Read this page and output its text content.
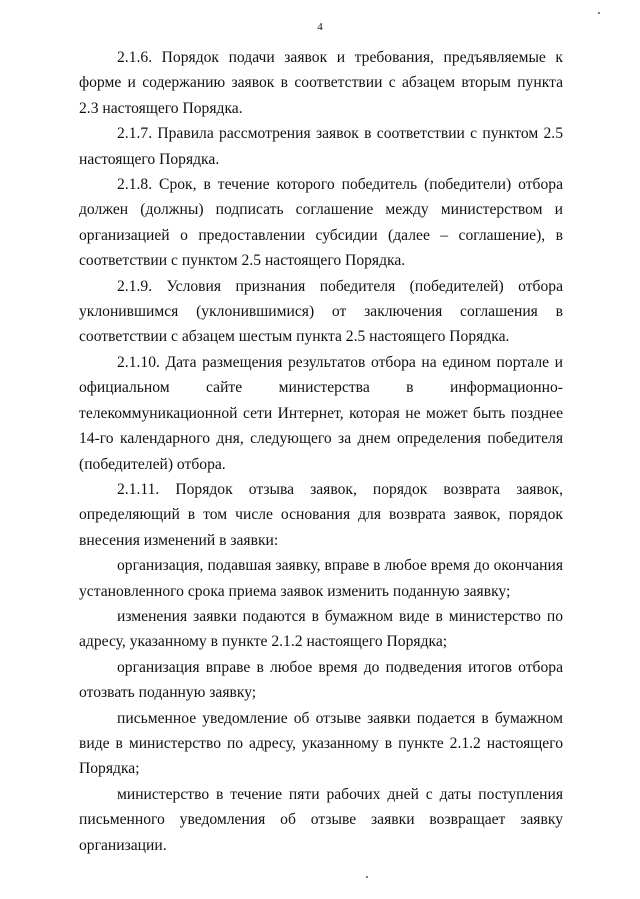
4

2.1.6. Порядок подачи заявок и требования, предъявляемые к форме и содержанию заявок в соответствии с абзацем вторым пункта 2.3 настоящего Порядка.

2.1.7. Правила рассмотрения заявок в соответствии с пунктом 2.5 настоящего Порядка.

2.1.8. Срок, в течение которого победитель (победители) отбора должен (должны) подписать соглашение между министерством и организацией о предоставлении субсидии (далее – соглашение), в соответствии с пунктом 2.5 настоящего Порядка.

2.1.9. Условия признания победителя (победителей) отбора уклонившимся (уклонившимися) от заключения соглашения в соответствии с абзацем шестым пункта 2.5 настоящего Порядка.

2.1.10. Дата размещения результатов отбора на едином портале и официальном сайте министерства в информационно-телекоммуникационной сети Интернет, которая не может быть позднее 14-го календарного дня, следующего за днем определения победителя (победителей) отбора.

2.1.11. Порядок отзыва заявок, порядок возврата заявок, определяющий в том числе основания для возврата заявок, порядок внесения изменений в заявки:

организация, подавшая заявку, вправе в любое время до окончания установленного срока приема заявок изменить поданную заявку;

изменения заявки подаются в бумажном виде в министерство по адресу, указанному в пункте 2.1.2 настоящего Порядка;

организация вправе в любое время до подведения итогов отбора отозвать поданную заявку;

письменное уведомление об отзыве заявки подается в бумажном виде в министерство по адресу, указанному в пункте 2.1.2 настоящего Порядка;

министерство в течение пяти рабочих дней с даты поступления письменного уведомления об отзыве заявки возвращает заявку организации.
